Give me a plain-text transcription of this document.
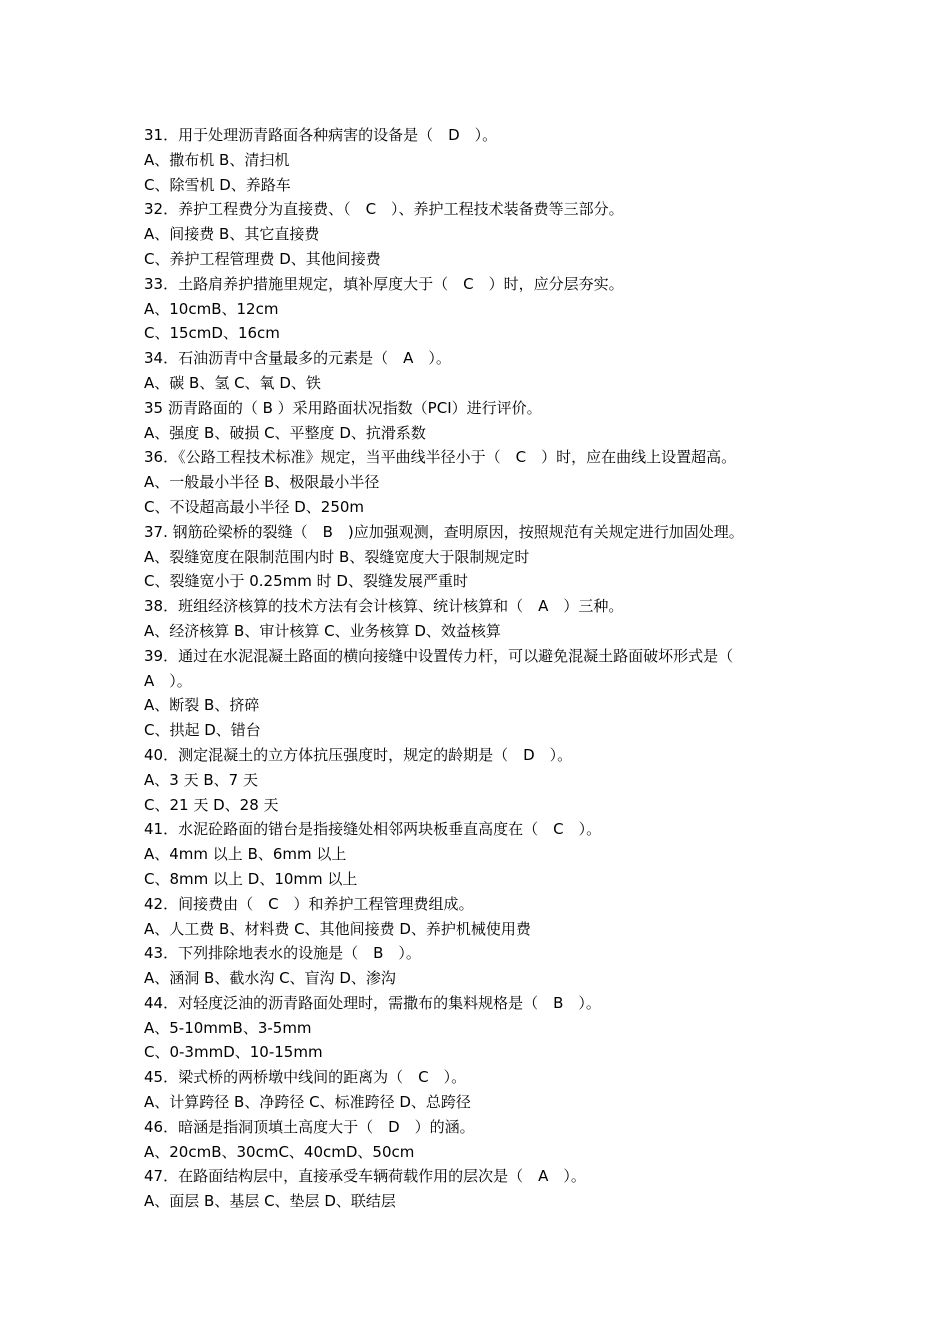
31．用于处理沥青路面各种病害的设备是（　D　）。
A、撒布机 B、清扫机
C、除雪机 D、养路车
32．养护工程费分为直接费、（　C　）、养护工程技术装备费等三部分。
A、间接费 B、其它直接费
C、养护工程管理费 D、其他间接费
33．土路肩养护措施里规定，填补厚度大于（　C　）时，应分层夯实。
A、10cmB、12cm
C、15cmD、16cm
34．石油沥青中含量最多的元素是（　A　）。
A、碳 B、氢 C、氧 D、铁
35 沥青路面的（ B ）采用路面状况指数（PCI）进行评价。
A、强度 B、破损 C、平整度 D、抗滑系数
36．《公路工程技术标准》规定，当平曲线半径小于（　C　）时，应在曲线上设置超高。
A、一般最小半径 B、极限最小半径
C、不设超高最小半径 D、250m
37. 钢筋砼梁桥的裂缝（　B　)应加强观测，查明原因，按照规范有关规定进行加固处理。
A、裂缝宽度在限制范围内时 B、裂缝宽度大于限制规定时
C、裂缝宽小于 0.25mm 时 D、裂缝发展严重时
38．班组经济核算的技术方法有会计核算、统计核算和（　A　）三种。
A、经济核算 B、审计核算 C、业务核算 D、效益核算
39．通过在水泥混凝土路面的横向接缝中设置传力杆，可以避免混凝土路面破坏形式是（
A　）。
A、断裂 B、挤碎
C、拱起 D、错台
40．测定混凝土的立方体抗压强度时，规定的龄期是（　D　）。
A、3 天 B、7 天
C、21 天 D、28 天
41．水泥砼路面的错台是指接缝处相邻两块板垂直高度在（　C　）。
A、4mm 以上 B、6mm 以上
C、8mm 以上 D、10mm 以上
42．间接费由（　C　）和养护工程管理费组成。
A、人工费 B、材料费 C、其他间接费 D、养护机械使用费
43．下列排除地表水的设施是（　B　）。
A、涵洞 B、截水沟 C、盲沟 D、渗沟
44．对轻度泛油的沥青路面处理时，需撒布的集料规格是（　B　）。
A、5-10mmB、3-5mm
C、0-3mmD、10-15mm
45．梁式桥的两桥墩中线间的距离为（　C　）。
A、计算跨径 B、净跨径 C、标准跨径 D、总跨径
46．暗涵是指洞顶填土高度大于（　D　）的涵。
A、20cmB、30cmC、40cmD、50cm
47．在路面结构层中，直接承受车辆荷载作用的层次是（　A　）。
A、面层 B、基层 C、垫层 D、联结层
